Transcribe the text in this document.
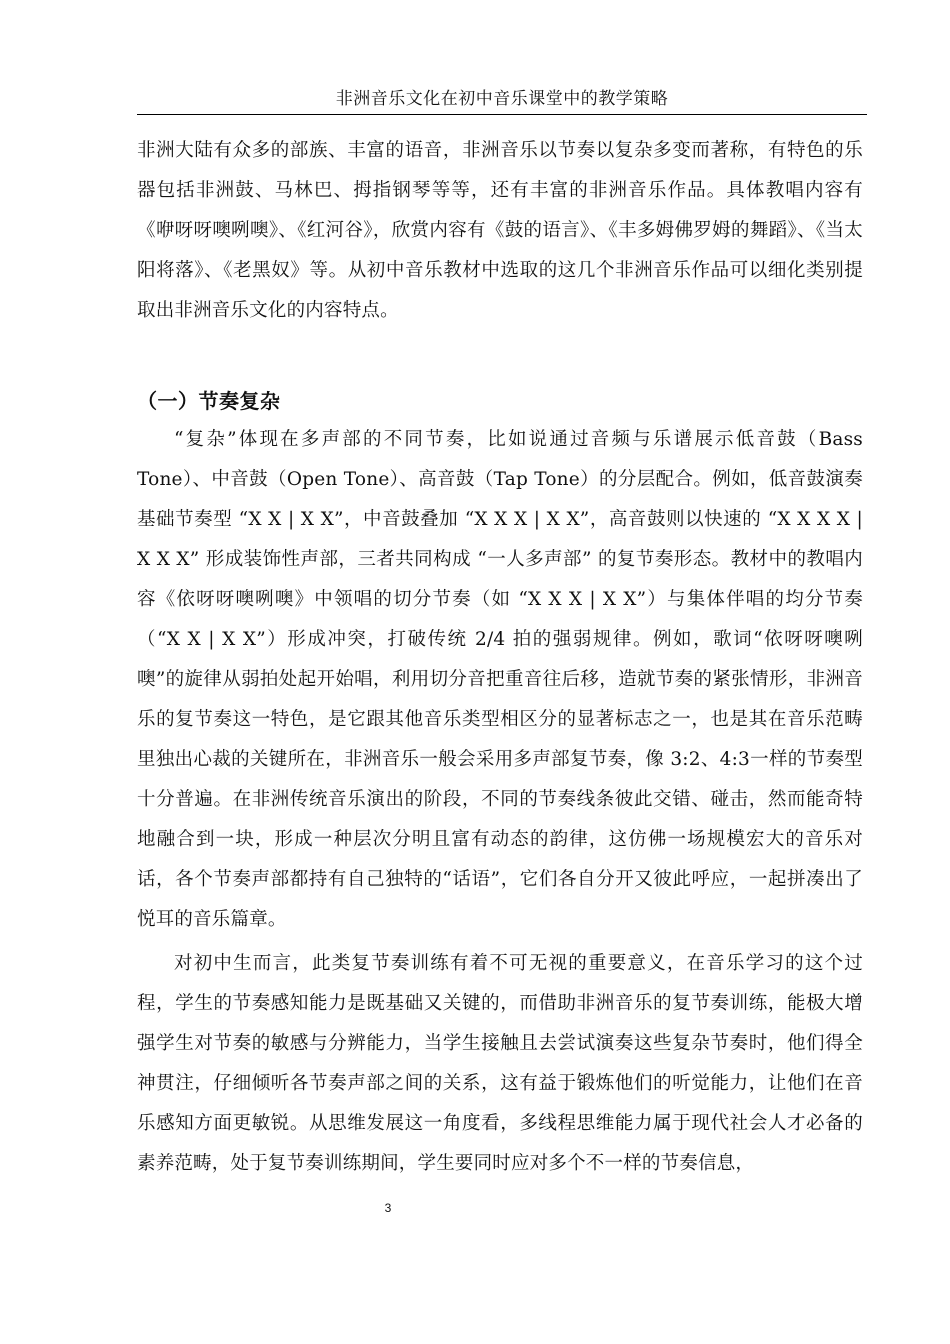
非洲音乐文化在初中音乐课堂中的教学策略

非洲大陆有众多的部族、丰富的语音，非洲音乐以节奏以复杂多变而著称，有特色的乐器包括非洲鼓、马林巴、拇指钢琴等等，还有丰富的非洲音乐作品。具体教唱内容有《咿呀呀噢咧噢》、《红河谷》，欣赏内容有《鼓的语言》、《丰多姆佛罗姆的舞蹈》、《当太阳将落》、《老黑奴》等。从初中音乐教材中选取的这几个非洲音乐作品可以细化类别提取出非洲音乐文化的内容特点。

（一）节奏复杂

“复杂”体现在多声部的不同节奏，比如说通过音频与乐谱展示低音鼓（Bass Tone）、中音鼓（Open Tone）、高音鼓（Tap Tone）的分层配合。例如，低音鼓演奏基础节奏型 “X X | X X”，中音鼓叠加 “X X X | X X”，高音鼓则以快速的 “X X X X | X X X” 形成装饰性声部，三者共同构成 “一人多声部” 的复节奏形态。教材中的教唱内容《依呀呀噢咧噢》中领唱的切分节奏（如 “X X X | X X”）与集体伴唱的均分节奏（“X X | X X”）形成冲突，打破传统 2/4 拍的强弱规律。例如，歌词“依呀呀噢咧噢”的旋律从弱拍处起开始唱，利用切分音把重音往后移，造就节奏的紧张情形，非洲音乐的复节奏这一特色，是它跟其他音乐类型相区分的显著标志之一，也是其在音乐范畴里独出心裁的关键所在，非洲音乐一般会采用多声部复节奏，像 3:2、4:3一样的节奏型十分普遍。在非洲传统音乐演出的阶段，不同的节奏线条彼此交错、碰击，然而能奇特地融合到一块，形成一种层次分明且富有动态的韵律，这仿佛一场规模宏大的音乐对话，各个节奏声部都持有自己独特的“话语”，它们各自分开又彼此呼应，一起拼凑出了悦耳的音乐篇章。

对初中生而言，此类复节奏训练有着不可无视的重要意义，在音乐学习的这个过程，学生的节奏感知能力是既基础又关键的，而借助非洲音乐的复节奏训练，能极大增强学生对节奏的敏感与分辨能力，当学生接触且去尝试演奏这些复杂节奏时，他们得全神贯注，仔细倾听各节奏声部之间的关系，这有益于锻炼他们的听觉能力，让他们在音乐感知方面更敏锐。从思维发展这一角度看，多线程思维能力属于现代社会人才必备的素养范畴，处于复节奏训练期间，学生要同时应对多个不一样的节奏信息，

3
